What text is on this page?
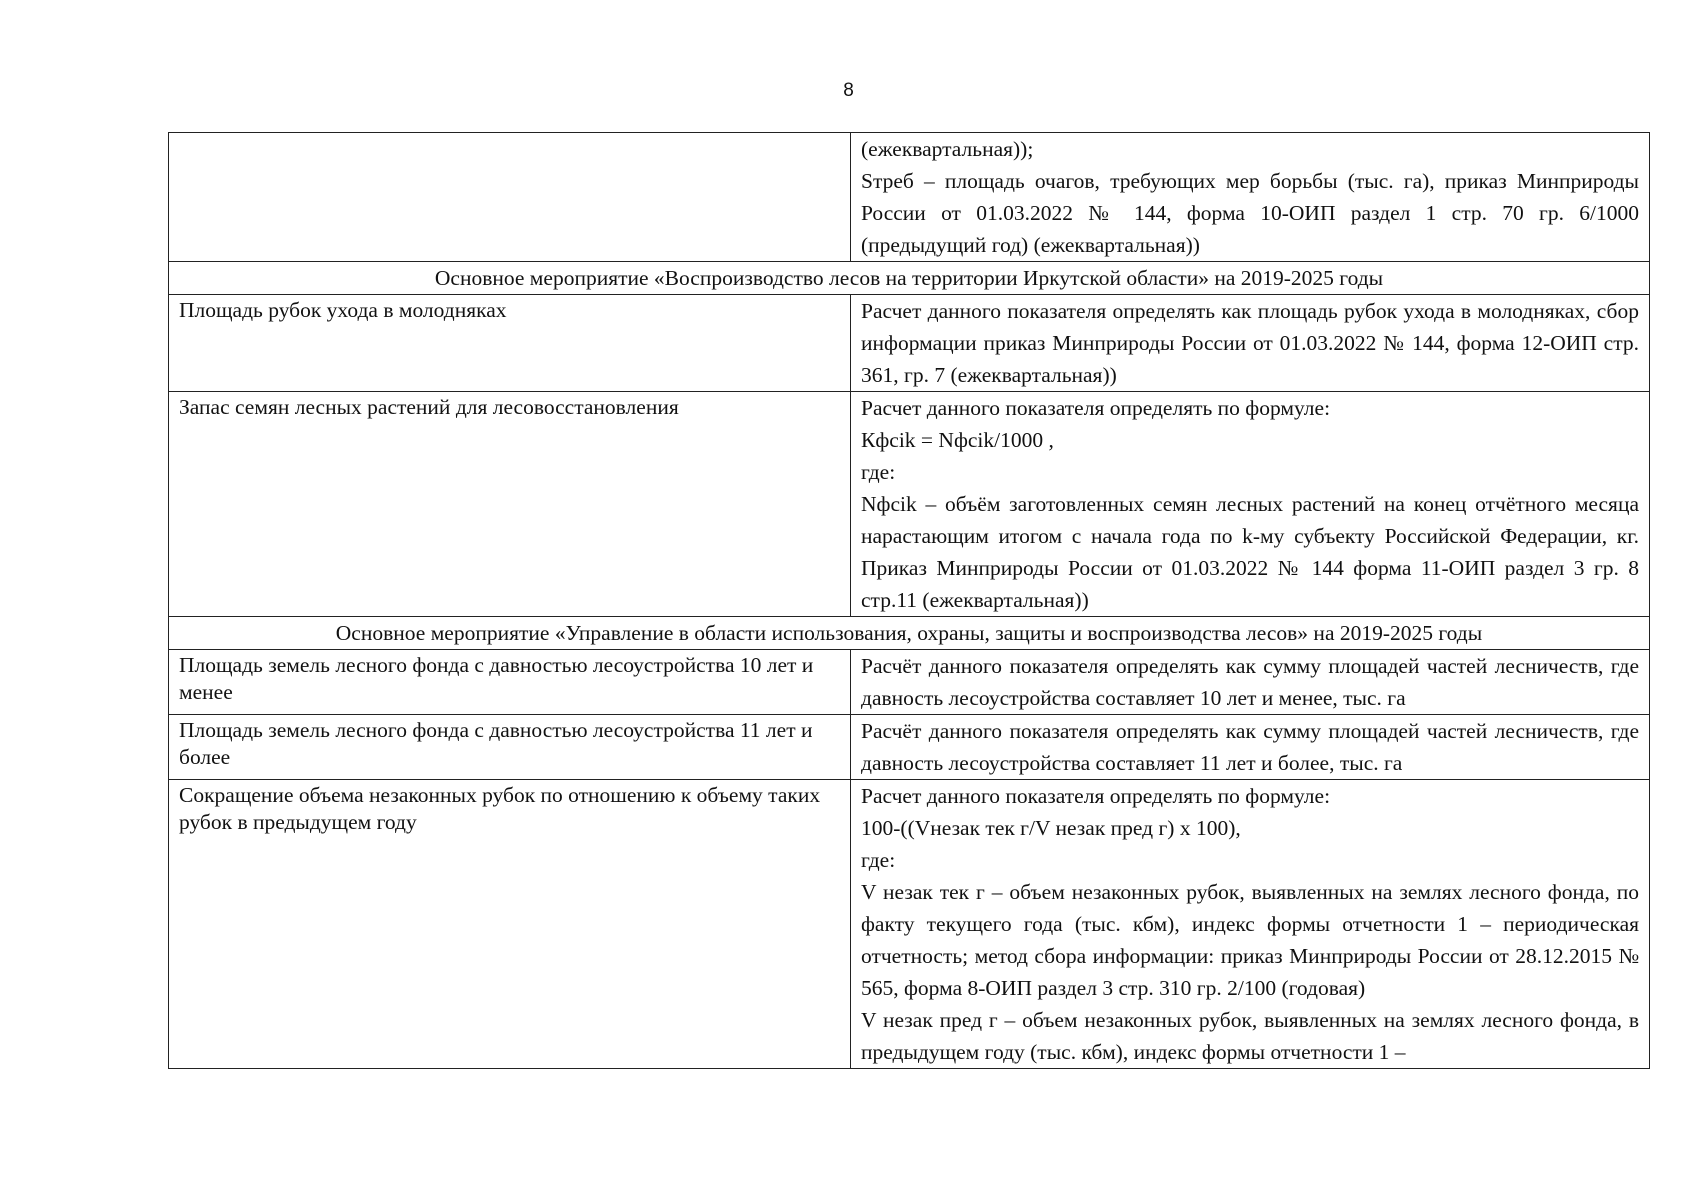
8

	(ежеквартальная));
Sтреб – площадь очагов, требующих мер борьбы (тыс. га), приказ Минприроды России от 01.03.2022 № 144, форма 10-ОИП раздел 1 стр. 70 гр. 6/1000 (предыдущий год) (ежеквартальная))

Основное мероприятие «Воспроизводство лесов на территории Иркутской области» на 2019-2025 годы	
Площадь рубок ухода в молодняках	Расчет данного показателя определять как площадь рубок ухода в молодняках, сбор информации приказ Минприроды России от 01.03.2022 № 144, форма 12-ОИП стр. 361, гр. 7 (ежеквартальная))

Запас семян лесных растений для лесовосстановления	Расчет данного показателя определять по формуле:
Кфсik = Nфсik/1000 ,
где:
Nфсik – объём заготовленных семян лесных растений на конец отчётного месяца нарастающим итогом с начала года по k-му субъекту Российской Федерации, кг. Приказ Минприроды России от 01.03.2022 № 144 форма 11-ОИП раздел 3 гр. 8 стр.11 (ежеквартальная))

Основное мероприятие «Управление в области использования, охраны, защиты и воспроизводства лесов» на 2019-2025 годы	
Площадь земель лесного фонда с давностью лесоустройства 10 лет и менее	Расчёт данного показателя определять как сумму площадей частей лесничеств, где давность лесоустройства составляет 10 лет и менее, тыс. га

Площадь земель лесного фонда с давностью лесоустройства 11 лет и более	Расчёт данного показателя определять как сумму площадей частей лесничеств, где давность лесоустройства составляет 11 лет и более, тыс. га

Сокращение объема незаконных рубок по отношению к объему таких рубок в предыдущем году	Расчет данного показателя определять по формуле:
100-((Vнезак тек г/V незак пред г) х 100),
где:
V незак тек г – объем незаконных рубок, выявленных на землях лесного фонда, по факту текущего года (тыс. кбм), индекс формы отчетности 1 – периодическая отчетность; метод сбора информации: приказ Минприроды России от 28.12.2015 № 565, форма 8-ОИП раздел 3 стр. 310 гр. 2/100 (годовая)
V незак пред г – объем незаконных рубок, выявленных на землях лесного фонда, в предыдущем году (тыс. кбм), индекс формы отчетности 1 –
